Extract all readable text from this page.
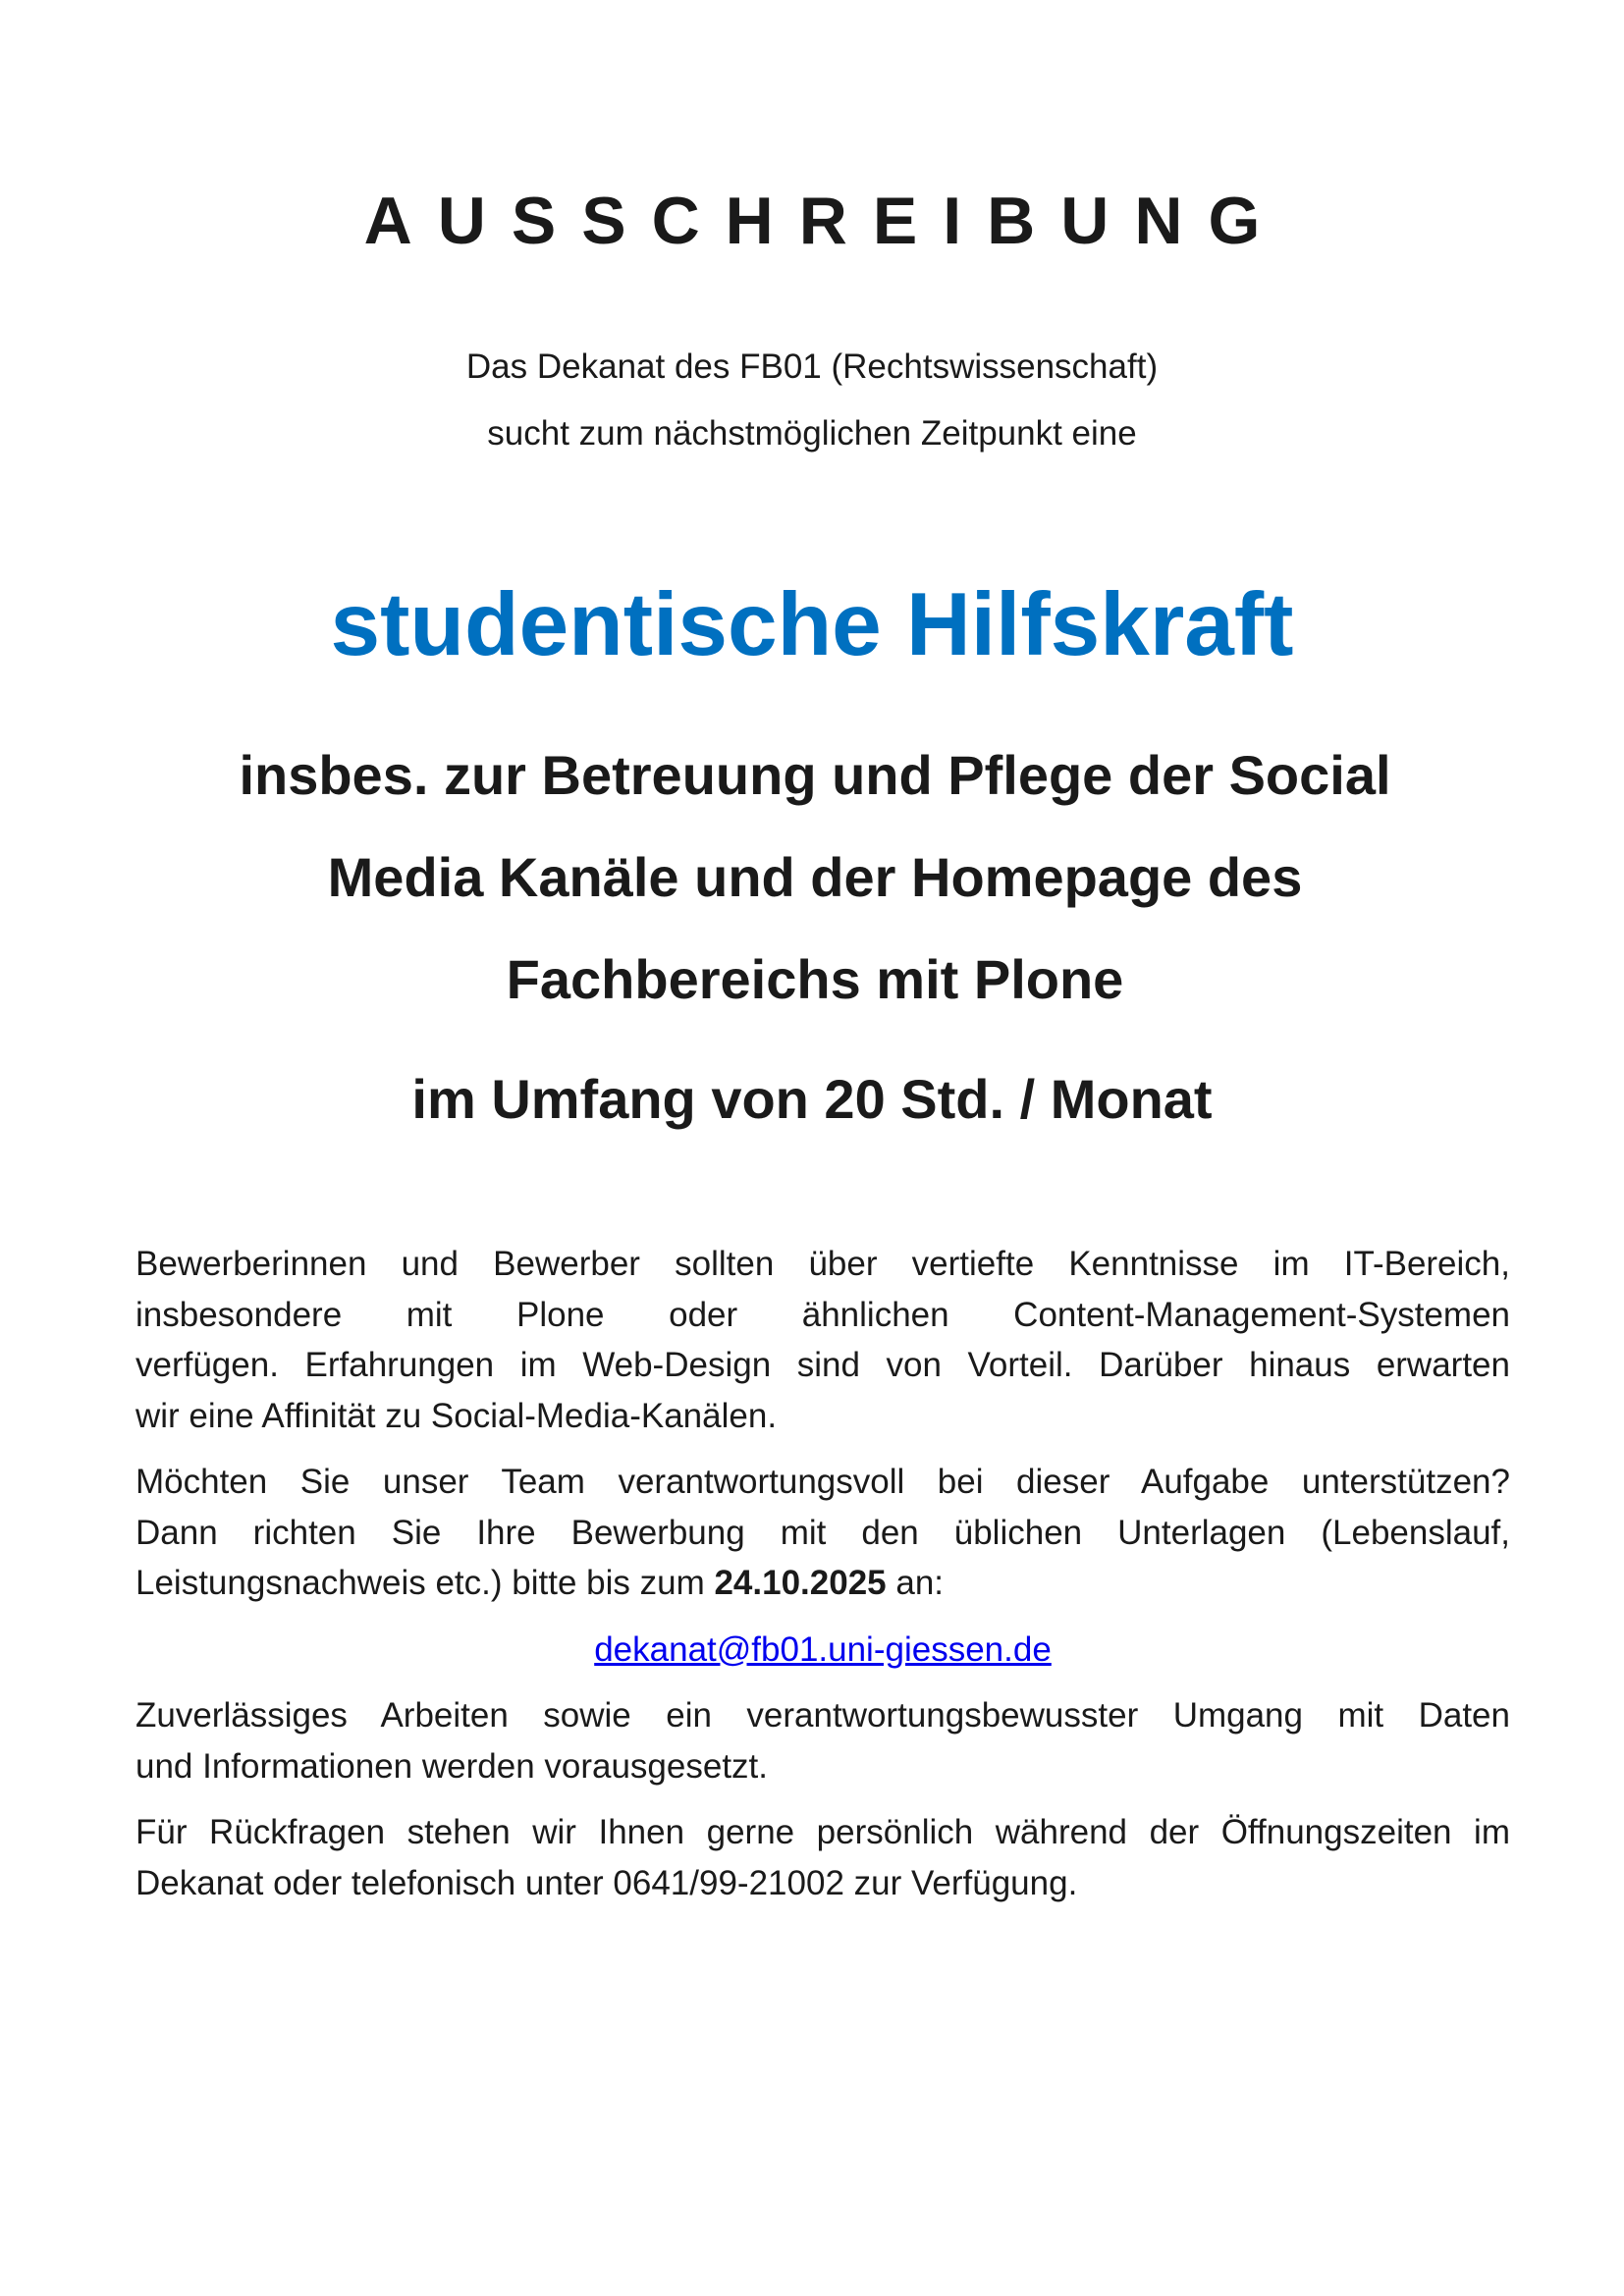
AUSSCHREIBUNG
Das Dekanat des FB01 (Rechtswissenschaft)
sucht zum nächstmöglichen Zeitpunkt eine
studentische Hilfskraft
insbes. zur Betreuung und Pflege der Social
Media Kanäle und der Homepage des
Fachbereichs mit Plone
im Umfang von 20 Std. / Monat
Bewerberinnen und Bewerber sollten über vertiefte Kenntnisse im IT-Bereich,
insbesondere mit Plone oder ähnlichen Content-Management-Systemen
verfügen. Erfahrungen im Web-Design sind von Vorteil. Darüber hinaus erwarten
wir eine Affinität zu Social-Media-Kanälen.
Möchten Sie unser Team verantwortungsvoll bei dieser Aufgabe unterstützen?
Dann richten Sie Ihre Bewerbung mit den üblichen Unterlagen (Lebenslauf,
Leistungsnachweis etc.) bitte bis zum 24.10.2025 an:
dekanat@fb01.uni-giessen.de
Zuverlässiges Arbeiten sowie ein verantwortungsbewusster Umgang mit Daten
und Informationen werden vorausgesetzt.
Für Rückfragen stehen wir Ihnen gerne persönlich während der Öffnungszeiten im
Dekanat oder telefonisch unter 0641/99-21002 zur Verfügung.
